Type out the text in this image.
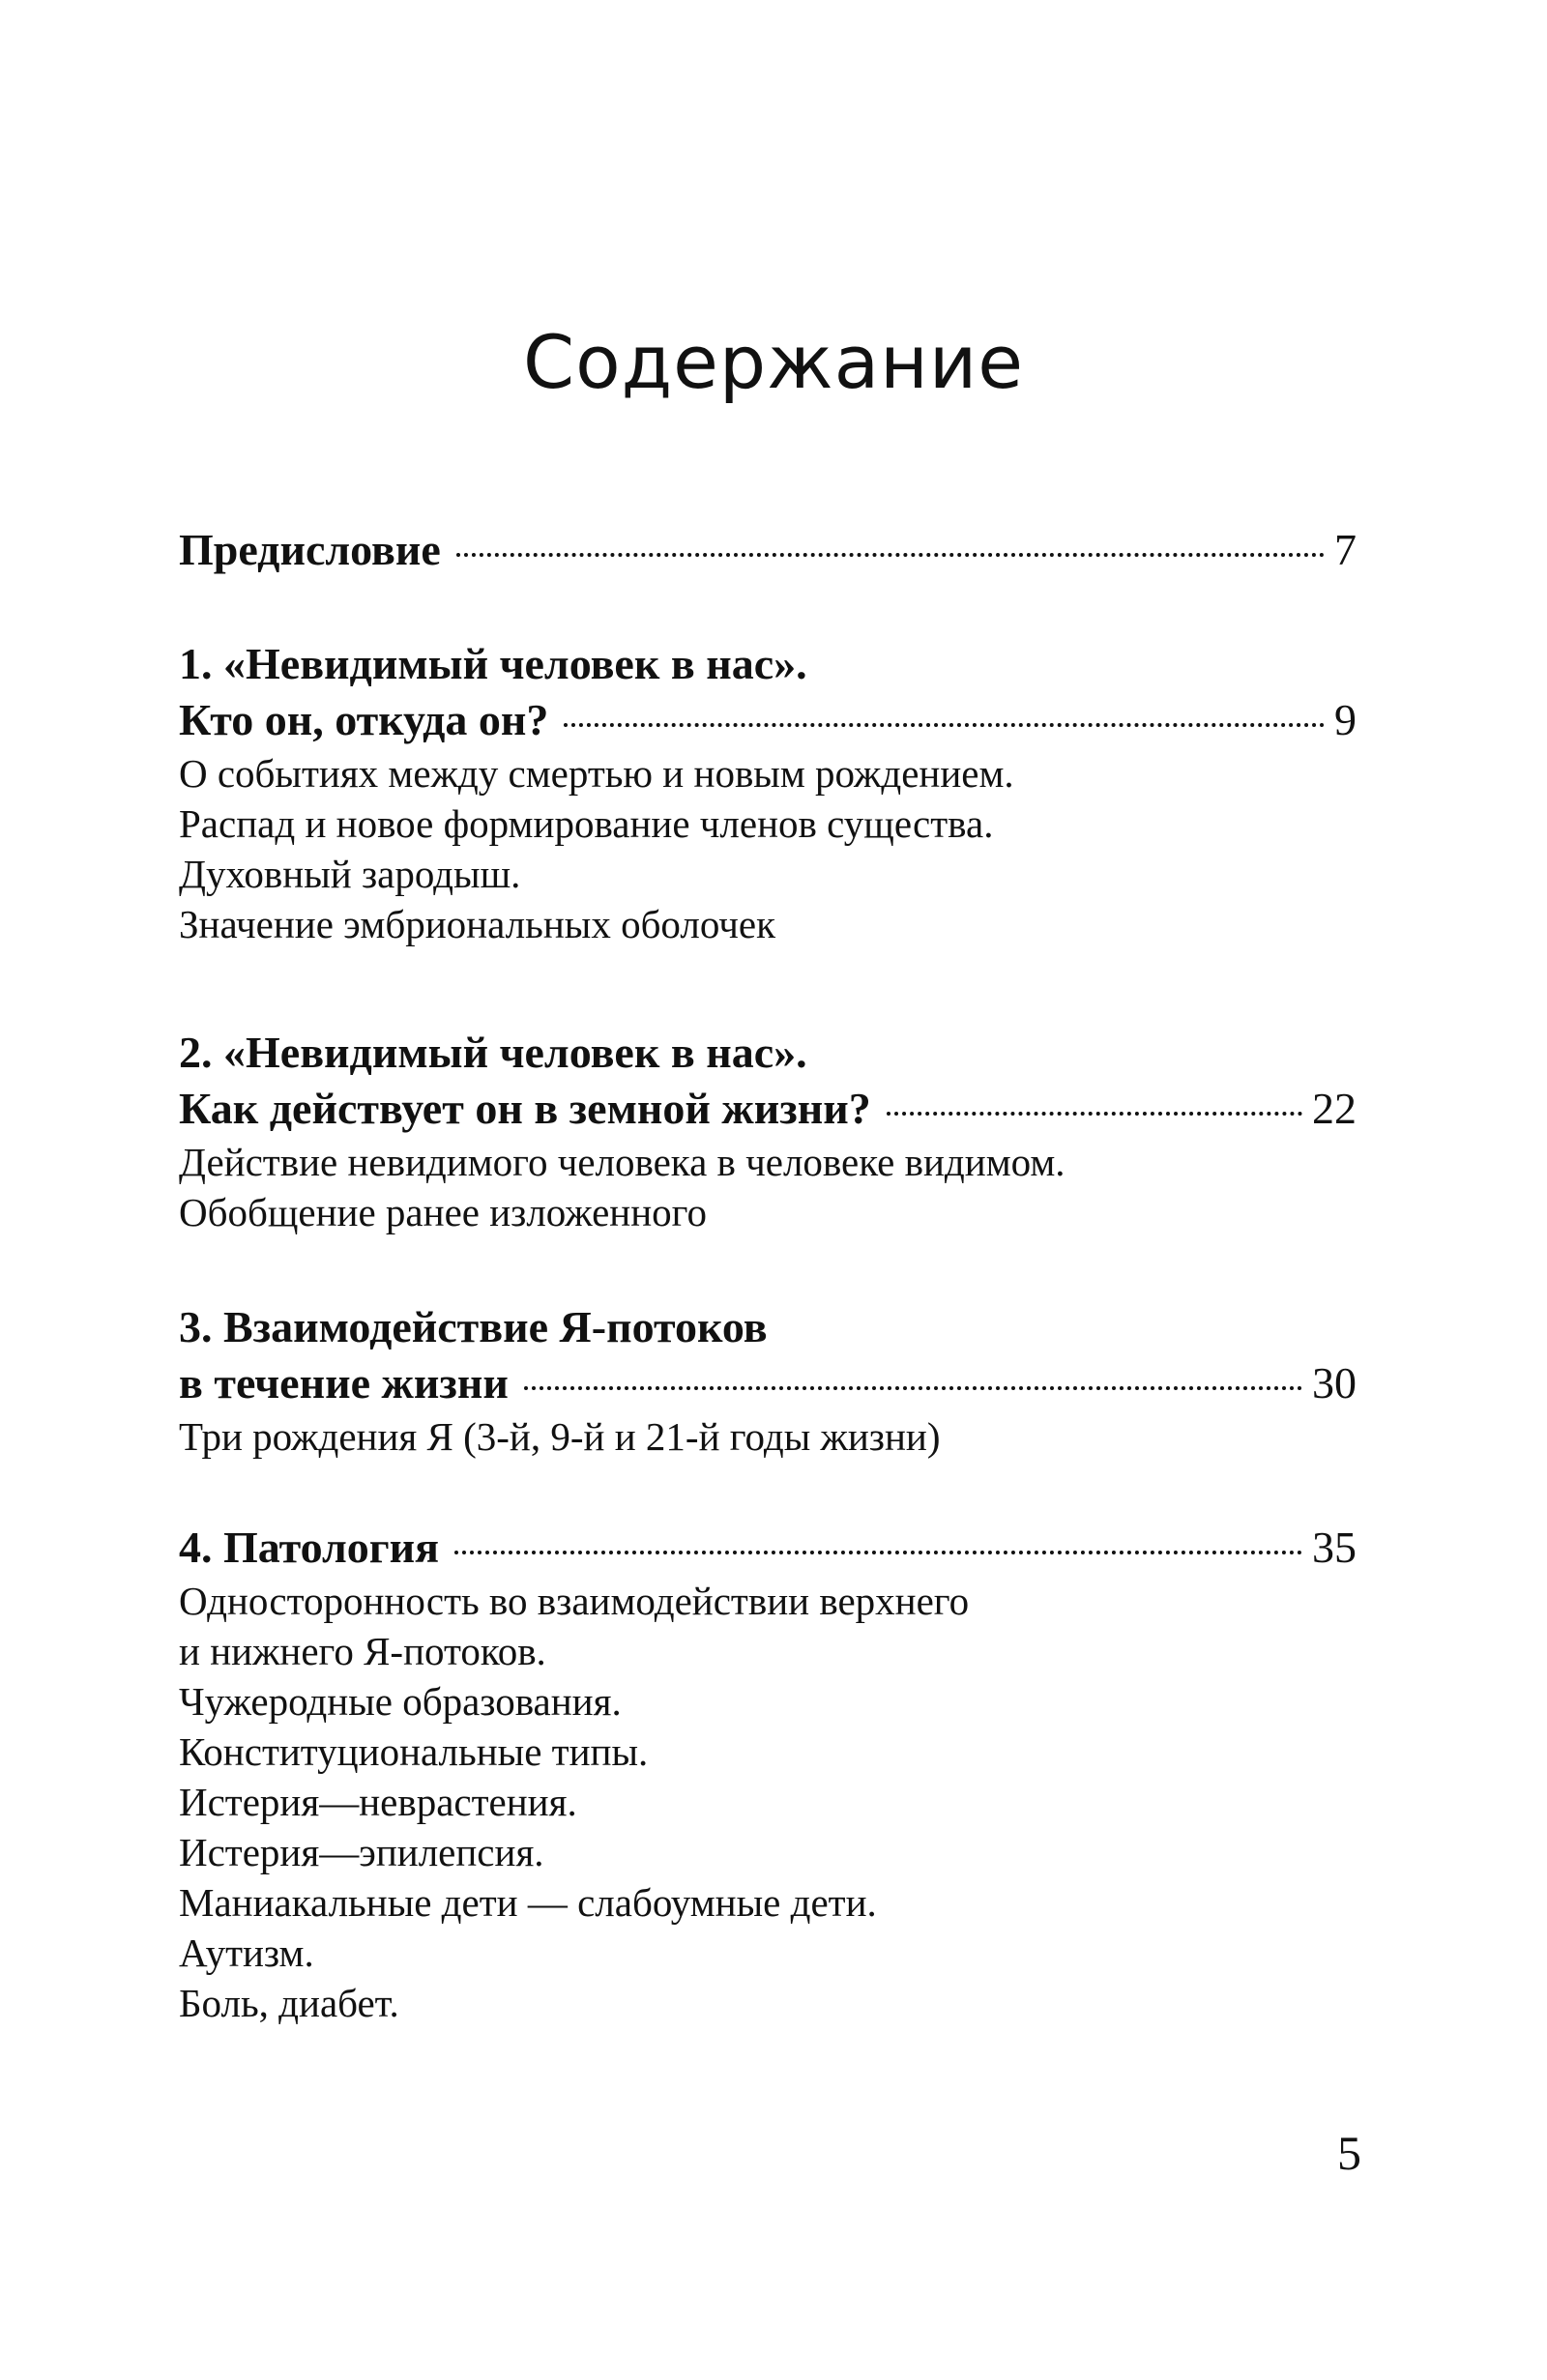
Содержание
Предисловие	7
1. «Невидимый человек в нас».
Кто он, откуда он?	9
О событиях между смертью и новым рождением.
Распад и новое формирование членов существа.
Духовный зародыш.
Значение эмбриональных оболочек
2. «Невидимый человек в нас».
Как действует он в земной жизни?	22
Действие невидимого человека в человеке видимом.
Обобщение ранее изложенного
3. Взаимодействие Я-потоков
в течение жизни	30
Три рождения Я (3-й, 9-й и 21-й годы жизни)
4. Патология	35
Односторонность во взаимодействии верхнего
и нижнего Я-потоков.
Чужеродные образования.
Конституциональные типы.
Истерия—неврастения.
Истерия—эпилепсия.
Маниакальные дети — слабоумные дети.
Аутизм.
Боль, диабет.
5
